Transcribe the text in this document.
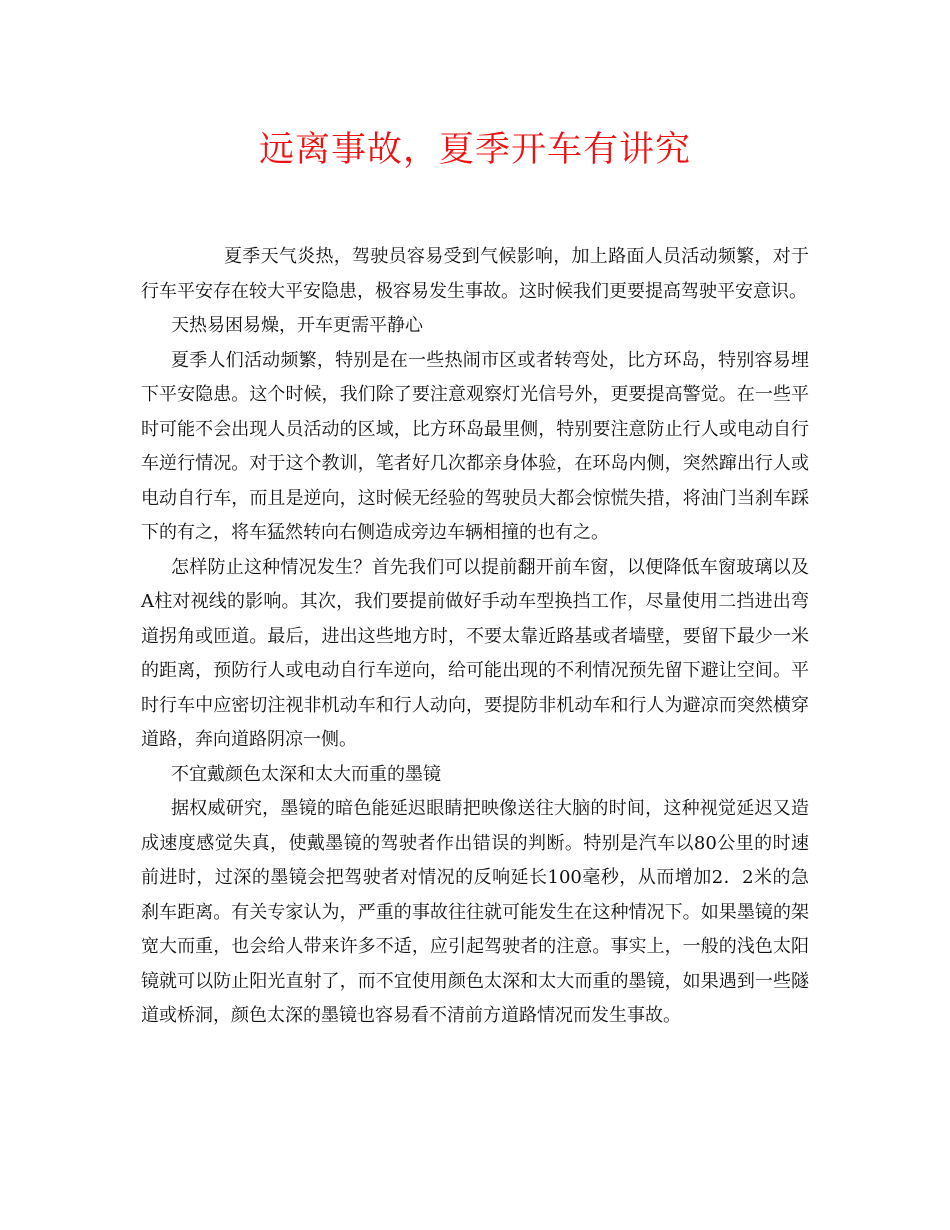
远离事故，夏季开车有讲究

夏季天气炎热，驾驶员容易受到气候影响，加上路面人员活动频繁，对于行车平安存在较大平安隐患，极容易发生事故。这时候我们更要提高驾驶平安意识。

天热易困易燥，开车更需平静心

夏季人们活动频繁，特别是在一些热闹市区或者转弯处，比方环岛，特别容易埋下平安隐患。这个时候，我们除了要注意观察灯光信号外，更要提高警觉。在一些平时可能不会出现人员活动的区域，比方环岛最里侧，特别要注意防止行人或电动自行车逆行情况。对于这个教训，笔者好几次都亲身体验，在环岛内侧，突然蹿出行人或电动自行车，而且是逆向，这时候无经验的驾驶员大都会惊慌失措，将油门当刹车踩下的有之，将车猛然转向右侧造成旁边车辆相撞的也有之。

怎样防止这种情况发生？首先我们可以提前翻开前车窗，以便降低车窗玻璃以及A柱对视线的影响。其次，我们要提前做好手动车型换挡工作，尽量使用二挡进出弯道拐角或匝道。最后，进出这些地方时，不要太靠近路基或者墙壁，要留下最少一米的距离，预防行人或电动自行车逆向，给可能出现的不利情况预先留下避让空间。平时行车中应密切注视非机动车和行人动向，要提防非机动车和行人为避凉而突然横穿道路，奔向道路阴凉一侧。

不宜戴颜色太深和太大而重的墨镜

据权威研究，墨镜的暗色能延迟眼睛把映像送往大脑的时间，这种视觉延迟又造成速度感觉失真，使戴墨镜的驾驶者作出错误的判断。特别是汽车以80公里的时速前进时，过深的墨镜会把驾驶者对情况的反响延长100毫秒，从而增加2．2米的急刹车距离。有关专家认为，严重的事故往往就可能发生在这种情况下。如果墨镜的架宽大而重，也会给人带来许多不适，应引起驾驶者的注意。事实上，一般的浅色太阳镜就可以防止阳光直射了，而不宜使用颜色太深和太大而重的墨镜，如果遇到一些隧道或桥洞，颜色太深的墨镜也容易看不清前方道路情况而发生事故。
